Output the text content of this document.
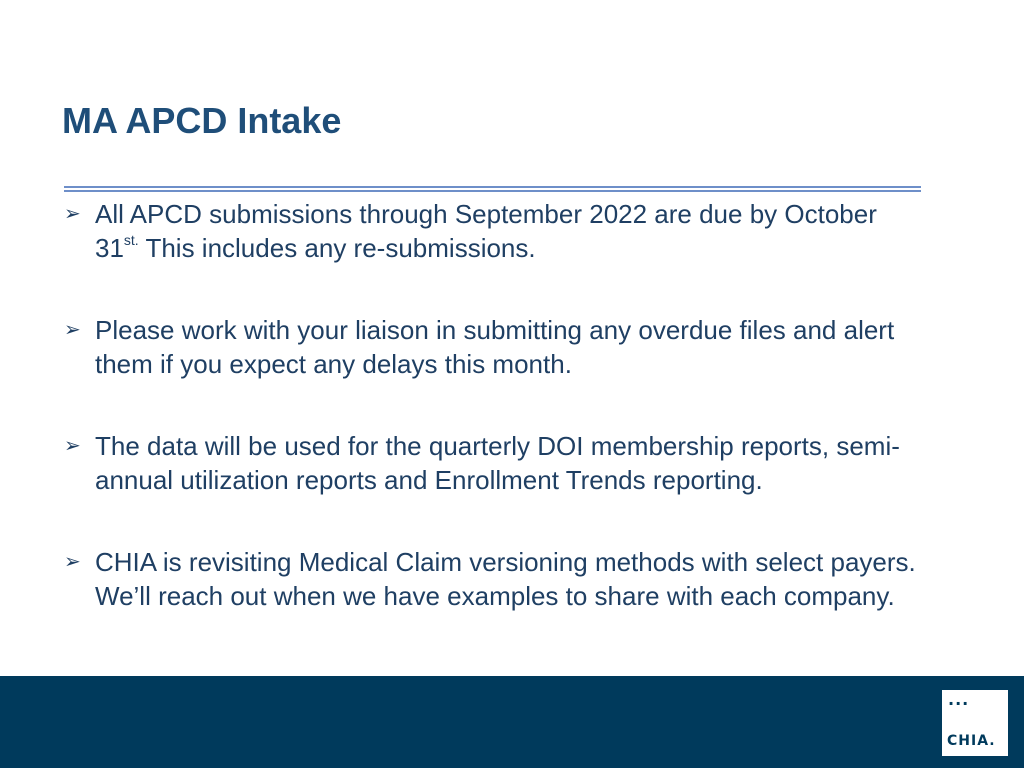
MA APCD Intake
➢ All APCD submissions through September 2022 are due by October $31^{st.}$ This includes any re-submissions.
➢ Please work with your liaison in submitting any overdue files and alert them if you expect any delays this month.
➢ The data will be used for the quarterly DOI membership reports, semi-annual utilization reports and Enrollment Trends reporting.
➢ CHIA is revisiting Medical Claim versioning methods with select payers. We’ll reach out when we have examples to share with each company.
...
CHIA.
